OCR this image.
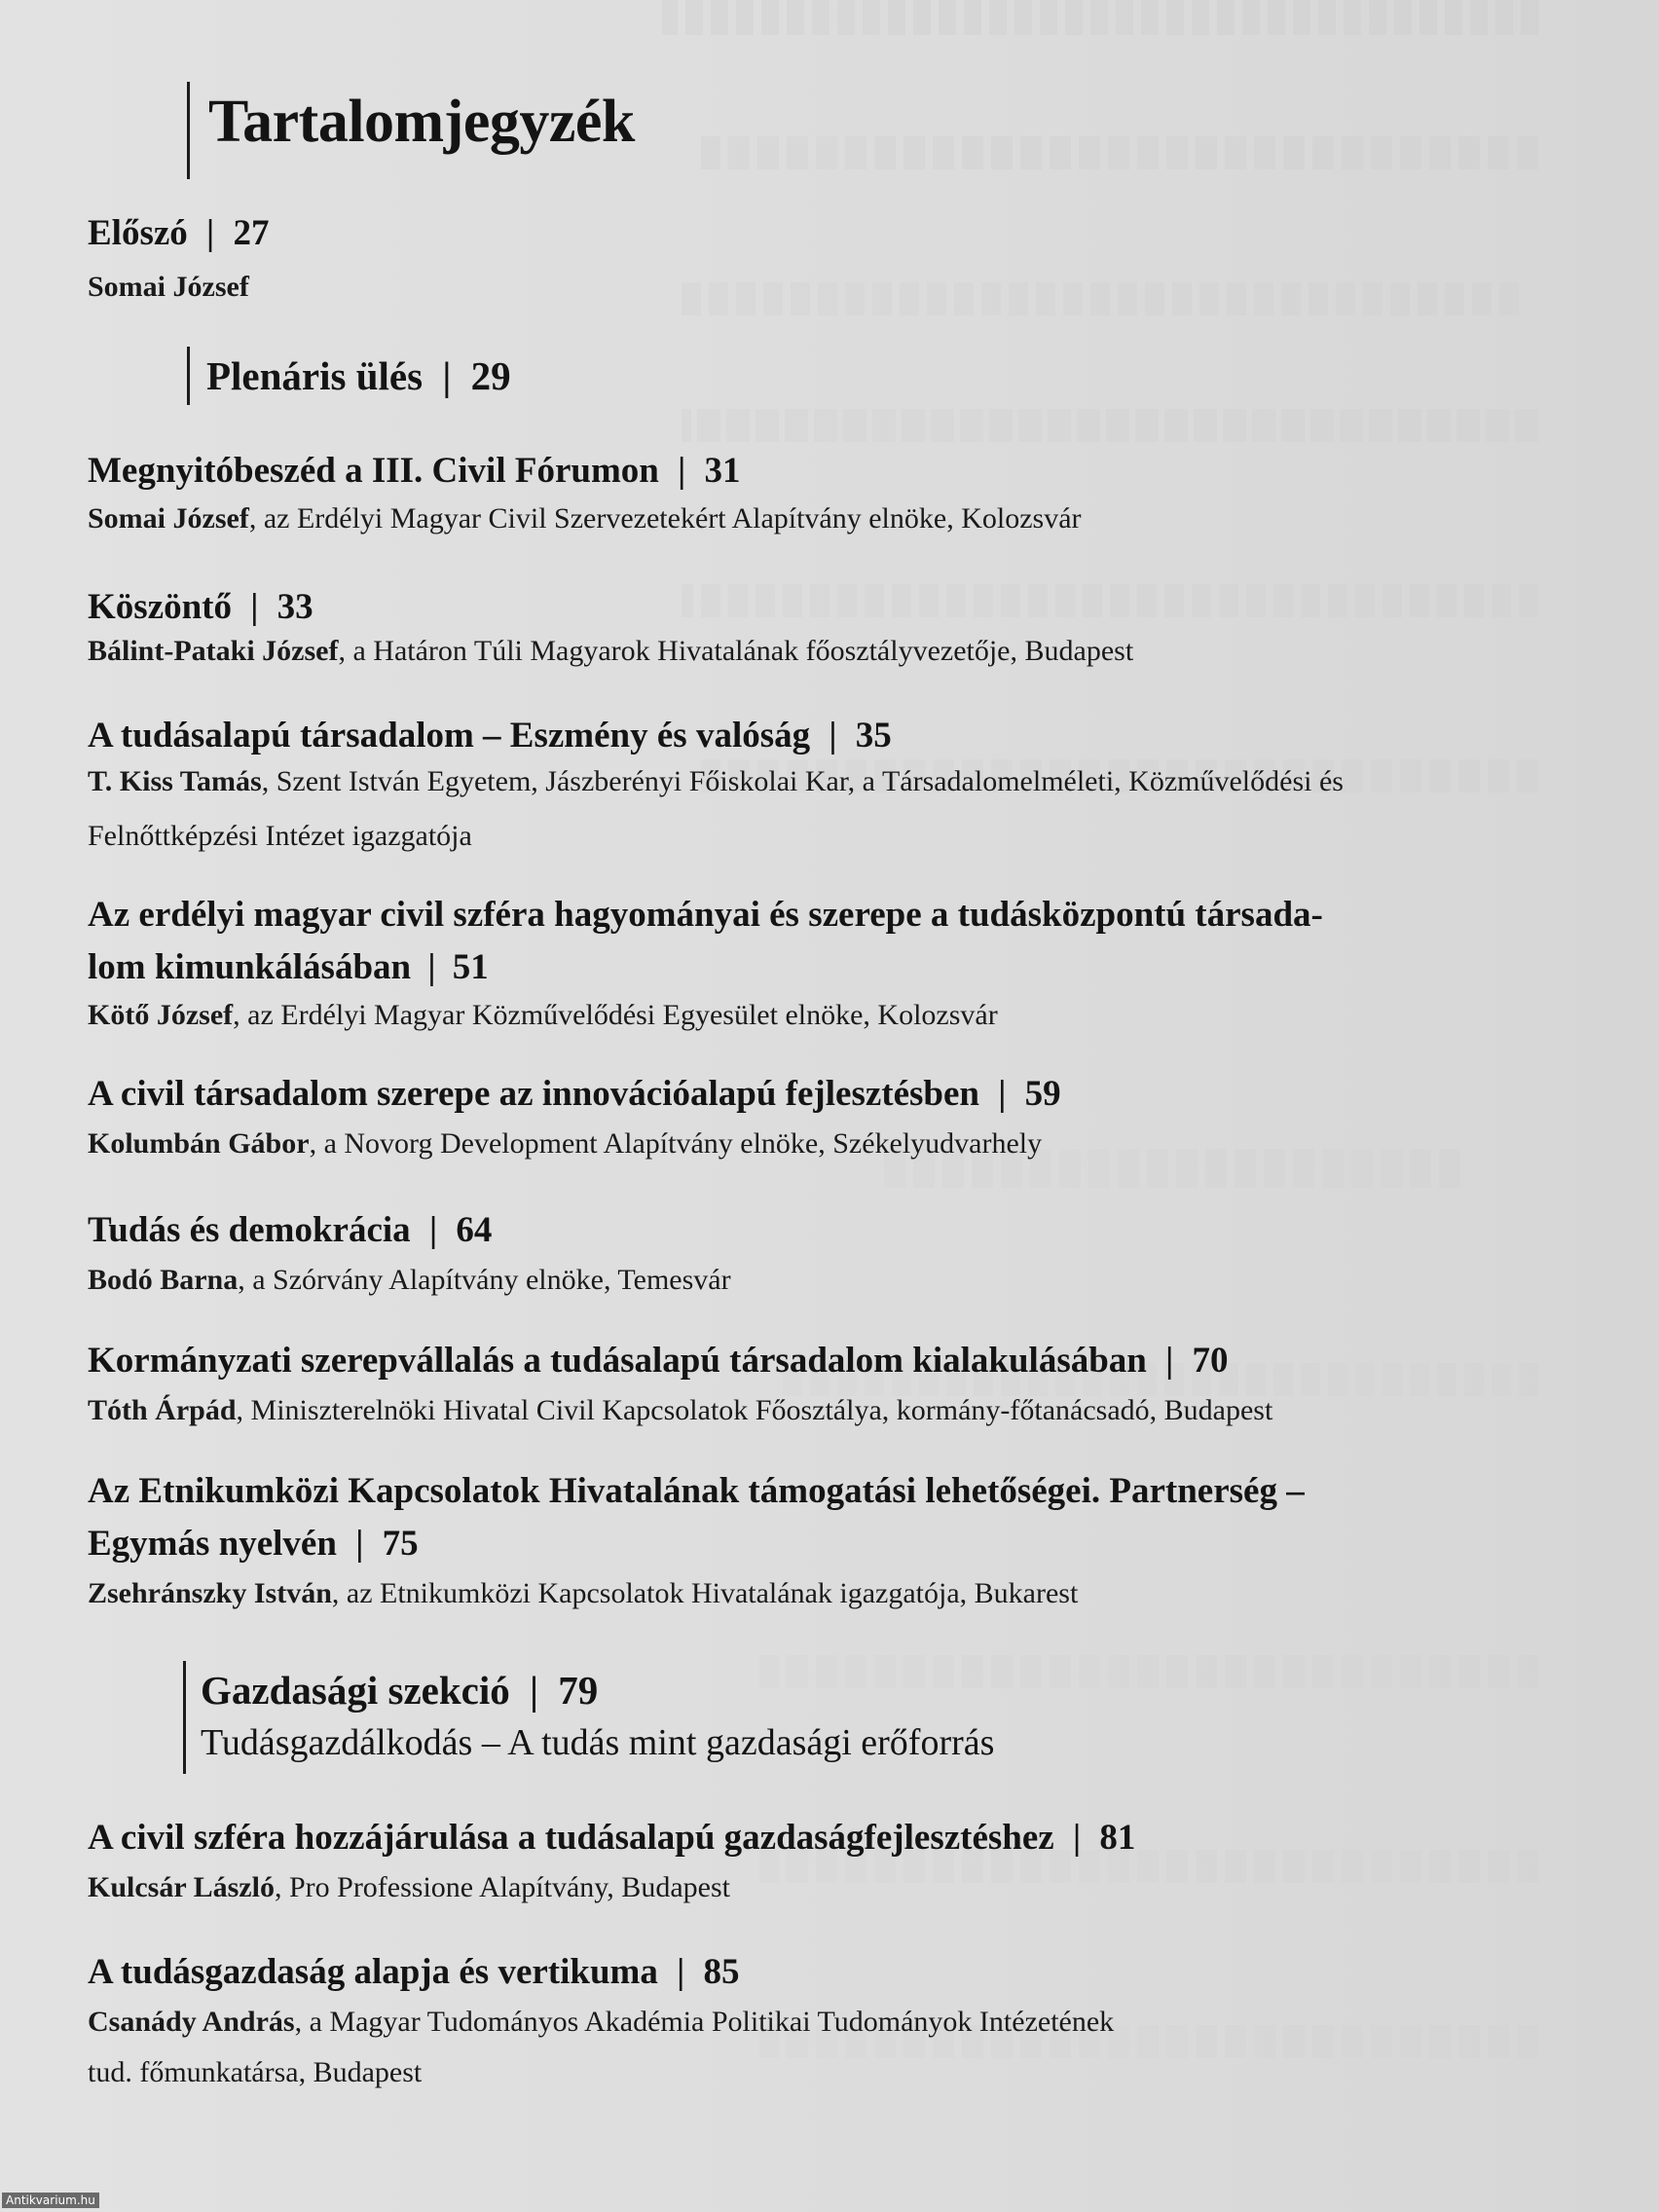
Tartalomjegyzék
Előszó | 27
Somai József
Plenáris ülés | 29
Megnyitóbeszéd a III. Civil Fórumon | 31
Somai József, az Erdélyi Magyar Civil Szervezetekért Alapítvány elnöke, Kolozsvár
Köszöntő | 33
Bálint-Pataki József, a Határon Túli Magyarok Hivatalának főosztályvezetője, Budapest
A tudásalapú társadalom – Eszmény és valóság | 35
T. Kiss Tamás, Szent István Egyetem, Jászberényi Főiskolai Kar, a Társadalomelméleti, Közművelődési és
Felnőttképzési Intézet igazgatója
Az erdélyi magyar civil szféra hagyományai és szerepe a tudásközpontú társada-
lom kimunkálásában | 51
Kötő József, az Erdélyi Magyar Közművelődési Egyesület elnöke, Kolozsvár
A civil társadalom szerepe az innovációalapú fejlesztésben | 59
Kolumbán Gábor, a Novorg Development Alapítvány elnöke, Székelyudvarhely
Tudás és demokrácia | 64
Bodó Barna, a Szórvány Alapítvány elnöke, Temesvár
Kormányzati szerepvállalás a tudásalapú társadalom kialakulásában | 70
Tóth Árpád, Miniszterelnöki Hivatal Civil Kapcsolatok Főosztálya, kormány-főtanácsadó, Budapest
Az Etnikumközi Kapcsolatok Hivatalának támogatási lehetőségei. Partnerség –
Egymás nyelvén | 75
Zsehránszky István, az Etnikumközi Kapcsolatok Hivatalának igazgatója, Bukarest
Gazdasági szekció | 79
Tudásgazdálkodás – A tudás mint gazdasági erőforrás
A civil szféra hozzájárulása a tudásalapú gazdaságfejlesztéshez | 81
Kulcsár László, Pro Professione Alapítvány, Budapest
A tudásgazdaság alapja és vertikuma | 85
Csanády András, a Magyar Tudományos Akadémia Politikai Tudományok Intézetének
tud. főmunkatársa, Budapest
Antikvarium.hu
